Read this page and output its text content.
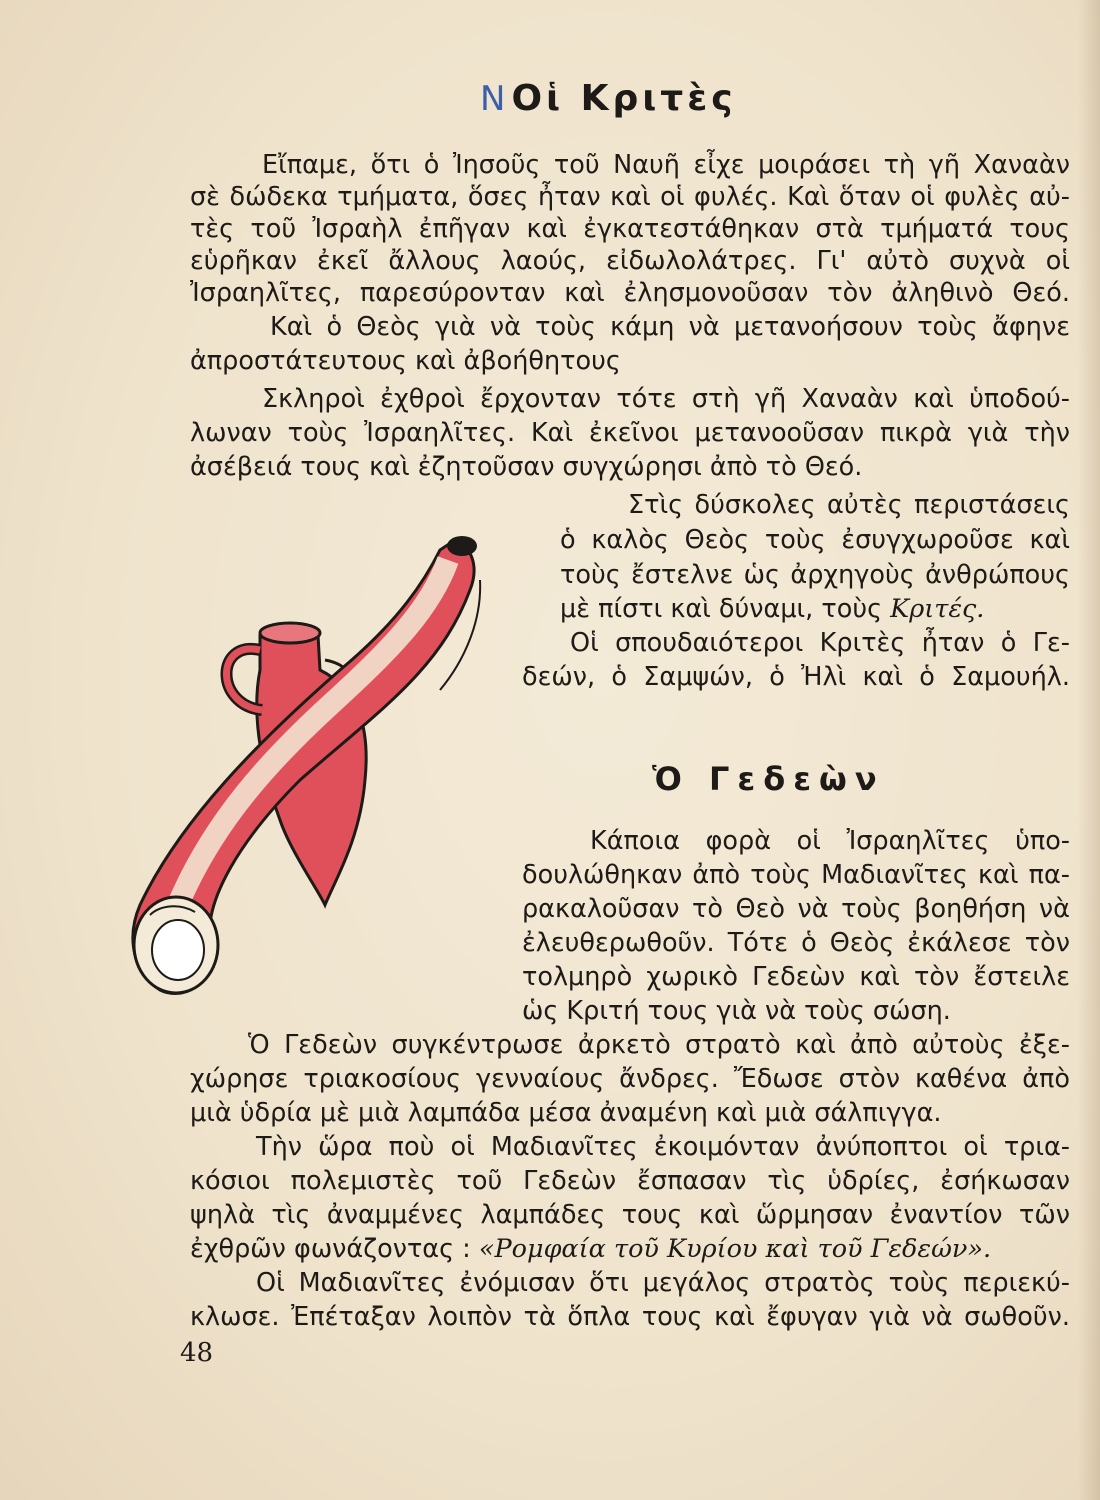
NΟἱ Κριτὲς
Εἴπαμε, ὅτι ὁ Ἰησοῦς τοῦ Ναυῆ εἶχε μοιράσει τὴ γῆ Χαναὰν
σὲ δώδεκα τμήματα, ὅσες ἦταν καὶ οἱ φυλές. Καὶ ὅταν οἱ φυλὲς αὐ-
τὲς τοῦ Ἰσραὴλ ἐπῆγαν καὶ ἐγκατεστάθηκαν στὰ τμήματά τους
εὑρῆκαν ἐκεῖ ἄλλους λαούς, εἰδωλολάτρες. Γι' αὐτὸ συχνὰ οἱ
Ἰσραηλῖτες, παρεσύρονταν καὶ ἐλησμονοῦσαν τὸν ἀληθινὸ Θεό.
Καὶ ὁ Θεὸς γιὰ νὰ τοὺς κάμη νὰ μετανοήσουν τοὺς ἄφηνε
ἀπροστάτευτους καὶ ἀβοήθητους
Σκληροὶ ἐχθροὶ ἔρχονταν τότε στὴ γῆ Χαναὰν καὶ ὑποδού-
λωναν τοὺς Ἰσραηλῖτες. Καὶ ἐκεῖνοι μετανοοῦσαν πικρὰ γιὰ τὴν
ἀσέβειά τους καὶ ἐζητοῦσαν συγχώρησι ἀπὸ τὸ Θεό.
Στὶς δύσκολες αὐτὲς περιστάσεις
ὁ καλὸς Θεὸς τοὺς ἐσυγχωροῦσε καὶ
τοὺς ἔστελνε ὡς ἀρχηγοὺς ἀνθρώπους
μὲ πίστι καὶ δύναμι, τοὺς Κριτές.
Οἱ σπουδαιότεροι Κριτὲς ἦταν ὁ Γε-
δεών, ὁ Σαμψών, ὁ Ἠλὶ καὶ ὁ Σαμουήλ.
Ὁ Γεδεὼν
Κάποια φορὰ οἱ Ἰσραηλῖτες ὑπο-
δουλώθηκαν ἀπὸ τοὺς Μαδιανῖτες καὶ πα-
ρακαλοῦσαν τὸ Θεὸ νὰ τοὺς βοηθήση νὰ
ἐλευθερωθοῦν. Τότε ὁ Θεὸς ἐκάλεσε τὸν
τολμηρὸ χωρικὸ Γεδεὼν καὶ τὸν ἔστειλε
ὡς Κριτή τους γιὰ νὰ τοὺς σώση.
Ὁ Γεδεὼν συγκέντρωσε ἀρκετὸ στρατὸ καὶ ἀπὸ αὐτοὺς ἐξε-
χώρησε τριακοσίους γενναίους ἄνδρες. Ἔδωσε στὸν καθένα ἀπὸ
μιὰ ὑδρία μὲ μιὰ λαμπάδα μέσα ἀναμένη καὶ μιὰ σάλπιγγα.
Τὴν ὥρα ποὺ οἱ Μαδιανῖτες ἐκοιμόνταν ἀνύποπτοι οἱ τρια-
κόσιοι πολεμιστὲς τοῦ Γεδεὼν ἔσπασαν τὶς ὑδρίες, ἐσήκωσαν
ψηλὰ τὶς ἀναμμένες λαμπάδες τους καὶ ὥρμησαν ἐναντίον τῶν
ἐχθρῶν φωνάζοντας : «Ρομφαία τοῦ Κυρίου καὶ τοῦ Γεδεών».
Οἱ Μαδιανῖτες ἐνόμισαν ὅτι μεγάλος στρατὸς τοὺς περιεκύ-
κλωσε. Ἐπέταξαν λοιπὸν τὰ ὅπλα τους καὶ ἔφυγαν γιὰ νὰ σωθοῦν.
48
